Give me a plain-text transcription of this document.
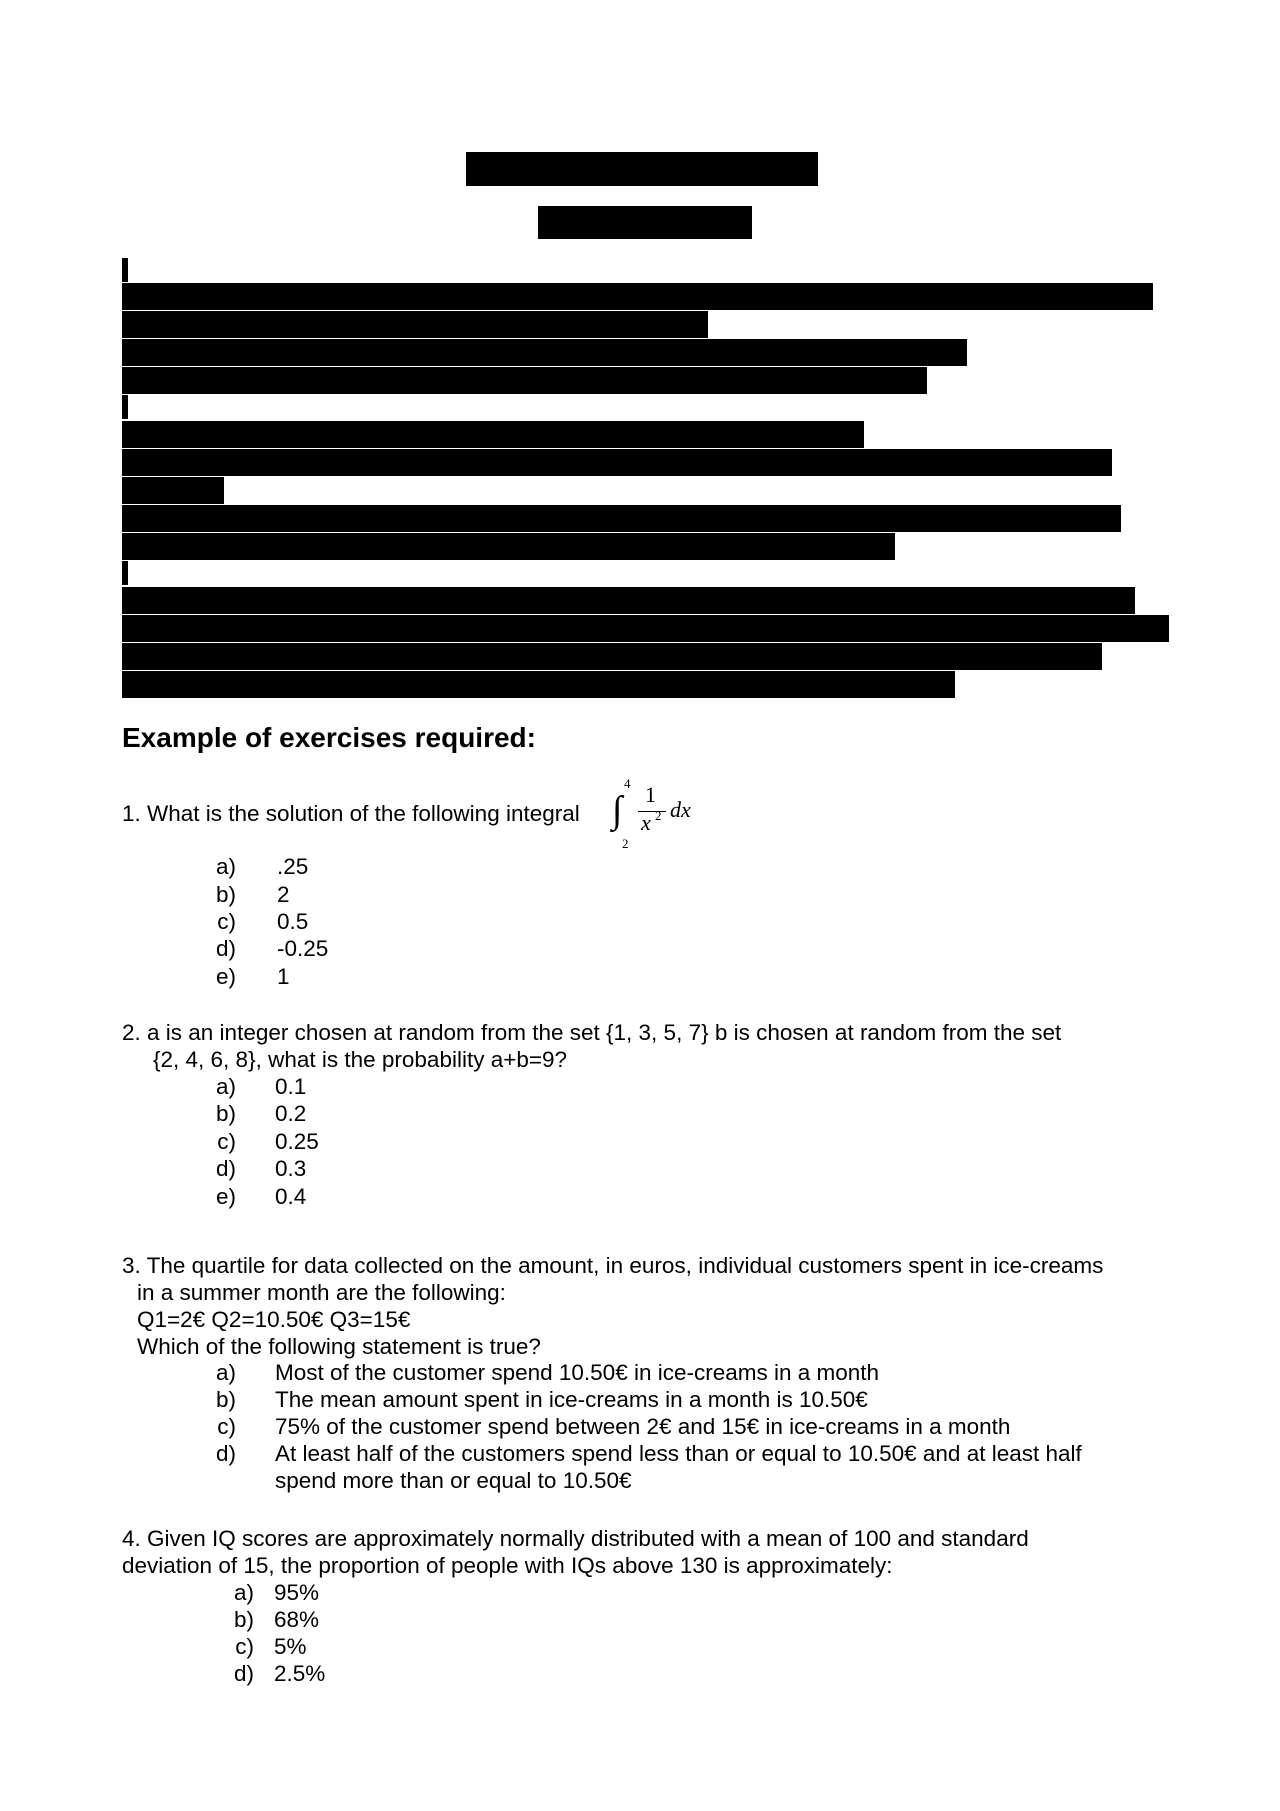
Example of exercises required:
1. What is the solution of the following integral ∫
4
2
1
x 2 dx
a) .25
b) 2
c) 0.5
d) -0.25
e) 1
2. a is an integer chosen at random from the set {1, 3, 5, 7} b is chosen at random from the set
{2, 4, 6, 8}, what is the probability a+b=9?
a) 0.1
b) 0.2
c) 0.25
d) 0.3
e) 0.4
3. The quartile for data collected on the amount, in euros, individual customers spent in ice-creams
in a summer month are the following:
Q1=2€ Q2=10.50€ Q3=15€
Which of the following statement is true?
a) Most of the customer spend 10.50€ in ice-creams in a month
b) The mean amount spent in ice-creams in a month is 10.50€
c) 75% of the customer spend between 2€ and 15€ in ice-creams in a month
d) At least half of the customers spend less than or equal to 10.50€ and at least half
spend more than or equal to 10.50€
4. Given IQ scores are approximately normally distributed with a mean of 100 and standard
deviation of 15, the proportion of people with IQs above 130 is approximately:
a) 95%
b) 68%
c) 5%
d) 2.5%
